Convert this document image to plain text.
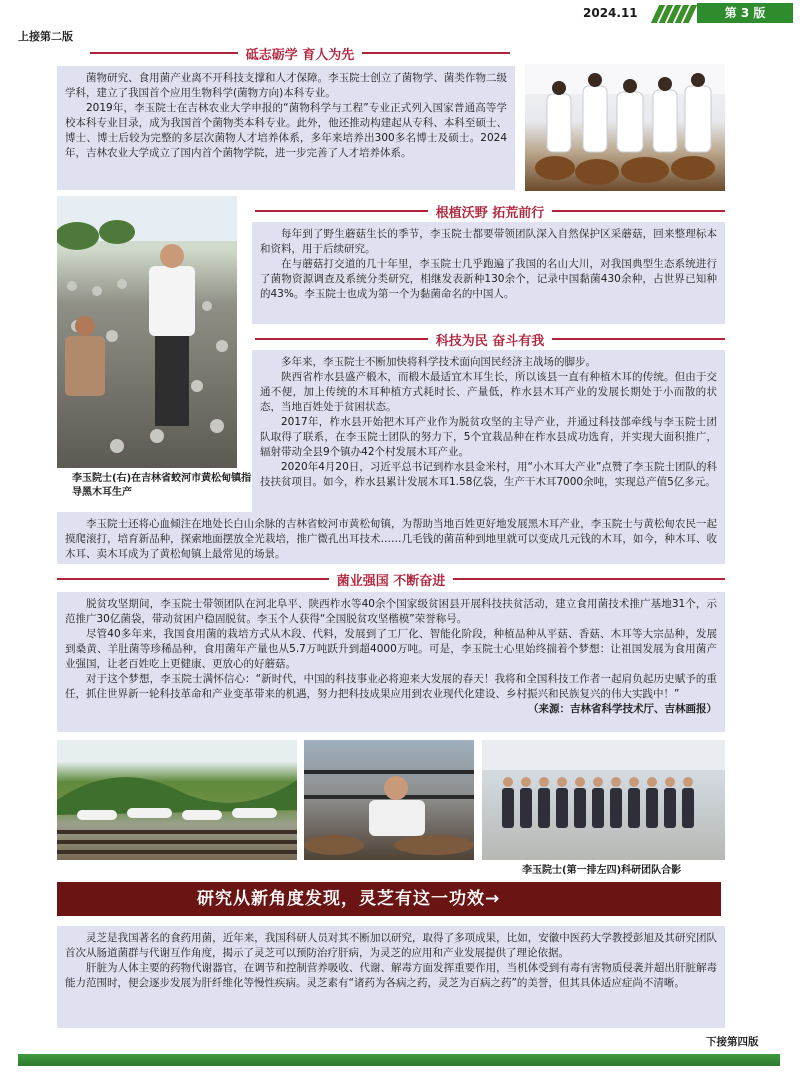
2024.11	第 3 版
上接第二版
砥志砺学 育人为先

菌物研究、食用菌产业离不开科技支撑和人才保障。李玉院士创立了菌物学、菌类作物二级学科，建立了我国首个应用生物科学(菌物方向)本科专业。

2019年，李玉院士在吉林农业大学申报的“菌物科学与工程”专业正式列入国家普通高等学校本科专业目录，成为我国首个菌物类本科专业。此外，他还推动构建起从专科、本科至硕士、博士、博士后较为完整的多层次菌物人才培养体系，多年来培养出300多名博士及硕士。2024年，吉林农业大学成立了国内首个菌物学院，进一步完善了人才培养体系。

李玉院士(右)在吉林省蛟河市黄松甸镇指导黑木耳生产
根植沃野 拓荒前行

每年到了野生蘑菇生长的季节，李玉院士都要带领团队深入自然保护区采蘑菇，回来整理标本和资料，用于后续研究。

在与蘑菇打交道的几十年里，李玉院士几乎跑遍了我国的名山大川，对我国典型生态系统进行了菌物资源调查及系统分类研究，相继发表新种130余个，记录中国黏菌430余种，占世界已知种的43%。李玉院士也成为第一个为黏菌命名的中国人。

科技为民 奋斗有我

多年来，李玉院士不断加快将科学技术面向国民经济主战场的脚步。

陕西省柞水县盛产椴木，而椴木最适宜木耳生长，所以该县一直有种植木耳的传统。但由于交通不便，加上传统的木耳种植方式耗时长、产量低，柞水县木耳产业的发展长期处于小而散的状态，当地百姓处于贫困状态。

2017年，柞水县开始把木耳产业作为脱贫攻坚的主导产业，并通过科技部牵线与李玉院士团队取得了联系，在李玉院士团队的努力下，5个宜栽品种在柞水县成功选育，并实现大面积推广，辐射带动全县9个镇办42个村发展木耳产业。

2020年4月20日，习近平总书记到柞水县金米村，用“小木耳大产业”点赞了李玉院士团队的科技扶贫项目。如今，柞水县累计发展木耳1.58亿袋，生产干木耳7000余吨，实现总产值5亿多元。

李玉院士还将心血倾注在地处长白山余脉的吉林省蛟河市黄松甸镇，为帮助当地百姓更好地发展黑木耳产业，李玉院士与黄松甸农民一起摸爬滚打，培育新品种，探索地面摆放全光栽培，推广微孔出耳技术……几毛钱的菌苗种到地里就可以变成几元钱的木耳，如今，种木耳、收木耳、卖木耳成为了黄松甸镇上最常见的场景。

菌业强国 不断奋进

脱贫攻坚期间，李玉院士带领团队在河北阜平、陕西柞水等40余个国家级贫困县开展科技扶贫活动，建立食用菌技术推广基地31个，示范推广30亿菌袋，带动贫困户稳固脱贫。李玉个人获得“全国脱贫攻坚楷模”荣誉称号。

尽管40多年来，我国食用菌的栽培方式从木段、代料，发展到了工厂化、智能化阶段，种植品种从平菇、香菇、木耳等大宗品种，发展到桑黄、羊肚菌等珍稀品种，食用菌年产量也从5.7万吨跃升到超4000万吨。可是，李玉院士心里始终揣着个梦想：让祖国发展为食用菌产业强国，让老百姓吃上更健康、更放心的好蘑菇。

对于这个梦想，李玉院士满怀信心：“新时代，中国的科技事业必将迎来大发展的春天！我将和全国科技工作者一起肩负起历史赋予的重任，抓住世界新一轮科技革命和产业变革带来的机遇，努力把科技成果应用到农业现代化建设、乡村振兴和民族复兴的伟大实践中！”

（来源：吉林省科学技术厅、吉林画报）
李玉院士(第一排左四)科研团队合影
研究从新角度发现，灵芝有这一功效→

灵芝是我国著名的食药用菌，近年来，我国科研人员对其不断加以研究，取得了多项成果，比如，安徽中医药大学教授彭旭及其研究团队首次从肠道菌群与代谢互作角度，揭示了灵芝可以预防治疗肝病，为灵芝的应用和产业发展提供了理论依据。

肝脏为人体主要的药物代谢器官，在调节和控制营养吸收、代谢、解毒方面发挥重要作用，当机体受到有毒有害物质侵袭并超出肝脏解毒能力范围时，便会逐步发展为肝纤维化等慢性疾病。灵芝素有“诸药为各病之药，灵芝为百病之药”的美誉，但其具体适应症尚不清晰。

下接第四版
